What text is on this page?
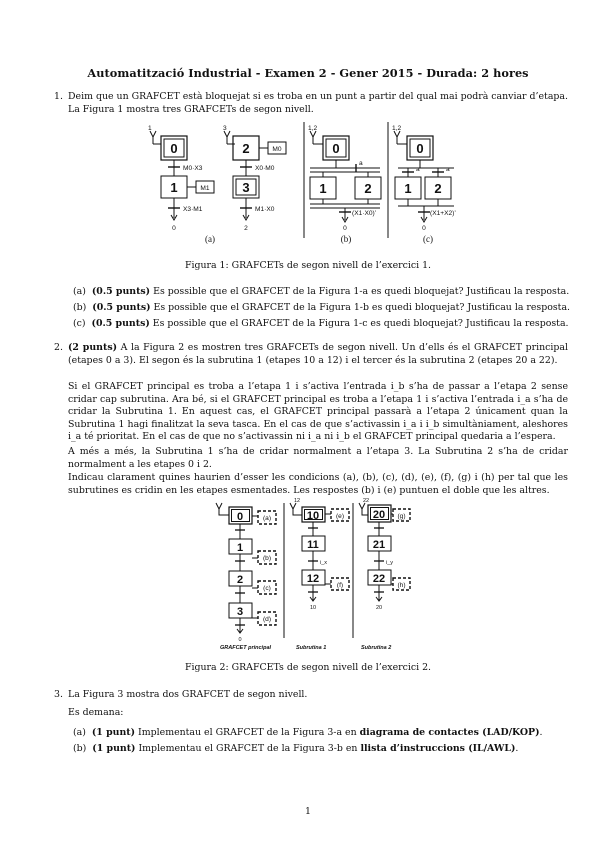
Automatització Industrial - Examen 2 - Gener 2015 - Durada: 2 hores
1. Deim que un GRAFCET està bloquejat si es troba en un punt a partir del qual mai podrà canviar d’etapa. La Figura 1 mostra tres GRAFCETs de segon nivell.
1
0
M0·X3
1	M1
X3·M1
0
3
2	M0
X0·M0
3
M1·X0
2
(a)
1,2
0
a
1	2
(X1·X0)’
0
(b)
1,2
0
a	a
1 2
(X1+X2)’
0
(c)
Figura 1: GRAFCETs de segon nivell de l’exercici 1.
(a) (0.5 punts) Es possible que el GRAFCET de la Figura 1-a es quedi bloquejat? Justificau la resposta.
(b) (0.5 punts) Es possible que el GRAFCET de la Figura 1-b es quedi bloquejat? Justificau la resposta.
(c) (0.5 punts) Es possible que el GRAFCET de la Figura 1-c es quedi bloquejat? Justificau la resposta.
2. (2 punts) A la Figura 2 es mostren tres GRAFCETs de segon nivell. Un d’ells és el GRAFCET principal (etapes 0 a 3). El segon és la subrutina 1 (etapes 10 a 12) i el tercer és la subrutina 2 (etapes 20 a 22).
Si el GRAFCET principal es troba a l’etapa 1 i s’activa l’entrada i_b s’ha de passar a l’etapa 2 sense cridar cap subrutina. Ara bé, si el GRAFCET principal es troba a l’etapa 1 i s’activa l’entrada i_a s’ha de cridar la Subrutina 1. En aquest cas, el GRAFCET principal passarà a l’etapa 2 únicament quan la Subrutina 1 hagi finalitzat la seva tasca. En el cas de que s’activassin i_a i i_b simultàniament, aleshores i_a té prioritat. En el cas de que no s’activassin ni i_a ni i_b el GRAFCET principal quedaria a l’espera.
A més a més, la Subrutina 1 s’ha de cridar normalment a l’etapa 3. La Subrutina 2 s’ha de cridar normalment a les etapes 0 i 2.
Indicau clarament quines haurien d’esser les condicions (a), (b), (c), (d), (e), (f), (g) i (h) per tal que les subrutines es cridin en les etapes esmentades. Les respostes (b) i (e) puntuen el doble que les altres.
0
1
2
3
(a)
(b)
(c)
(d)
0
GRAFCET principal
12
10
11
12
(e)
(f)
i_x
10
Subrutina 1
22
20
21
22
(g)
(h)
i_y
20
Subrutina 2
Figura 2: GRAFCETs de segon nivell de l’exercici 2.
3. La Figura 3 mostra dos GRAFCET de segon nivell.
Es demana:
(a) (1 punt) Implementau el GRAFCET de la Figura 3-a en diagrama de contactes (LAD/KOP).
(b) (1 punt) Implementau el GRAFCET de la Figura 3-b en llista d’instruccions (IL/AWL).
1
